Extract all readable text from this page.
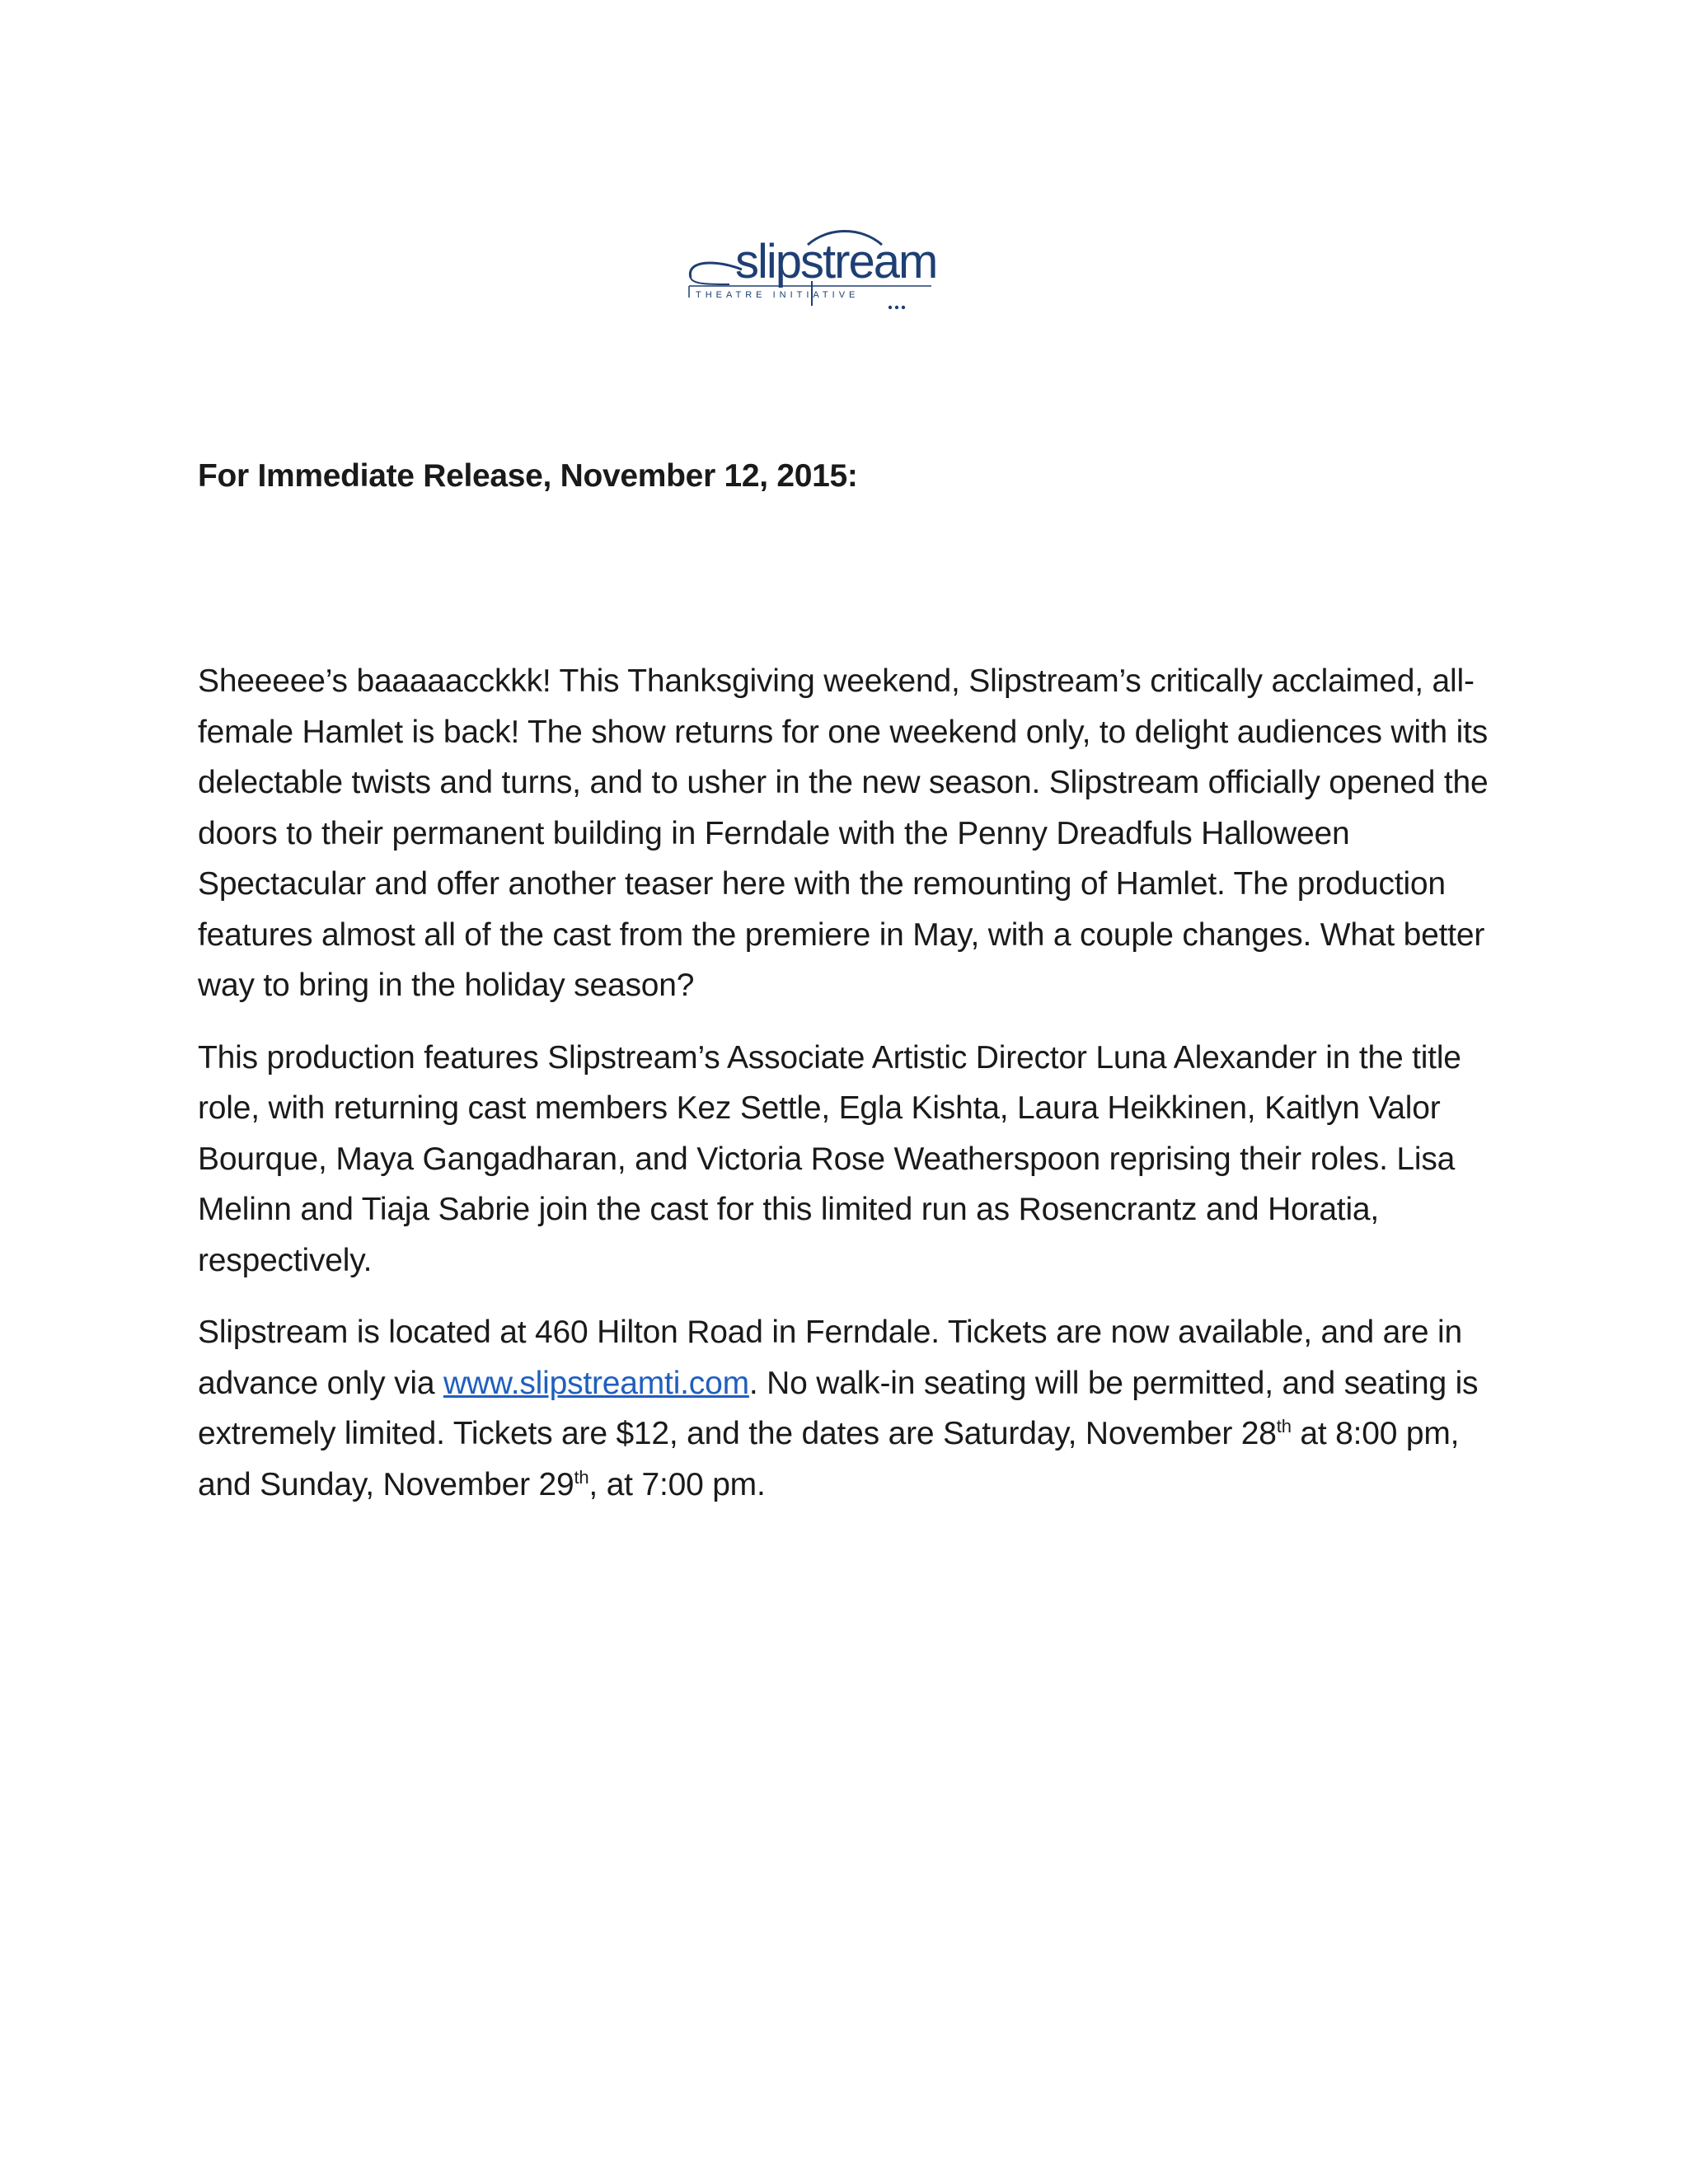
slipstream
THEATRE INITIATIVE

For Immediate Release, November 12, 2015:

Sheeeee’s baaaaacckkk! This Thanksgiving weekend, Slipstream’s critically acclaimed, all-female Hamlet is back! The show returns for one weekend only, to delight audiences with its delectable twists and turns, and to usher in the new season. Slipstream officially opened the doors to their permanent building in Ferndale with the Penny Dreadfuls Halloween Spectacular and offer another teaser here with the remounting of Hamlet. The production features almost all of the cast from the premiere in May, with a couple changes. What better way to bring in the holiday season?

This production features Slipstream’s Associate Artistic Director Luna Alexander in the title role, with returning cast members Kez Settle, Egla Kishta, Laura Heikkinen, Kaitlyn Valor Bourque, Maya Gangadharan, and Victoria Rose Weatherspoon reprising their roles. Lisa Melinn and Tiaja Sabrie join the cast for this limited run as Rosencrantz and Horatia, respectively.

Slipstream is located at 460 Hilton Road in Ferndale. Tickets are now available, and are in advance only via www.slipstreamti.com. No walk-in seating will be permitted, and seating is extremely limited. Tickets are $12, and the dates are Saturday, November 28th at 8:00 pm, and Sunday, November 29th, at 7:00 pm.
